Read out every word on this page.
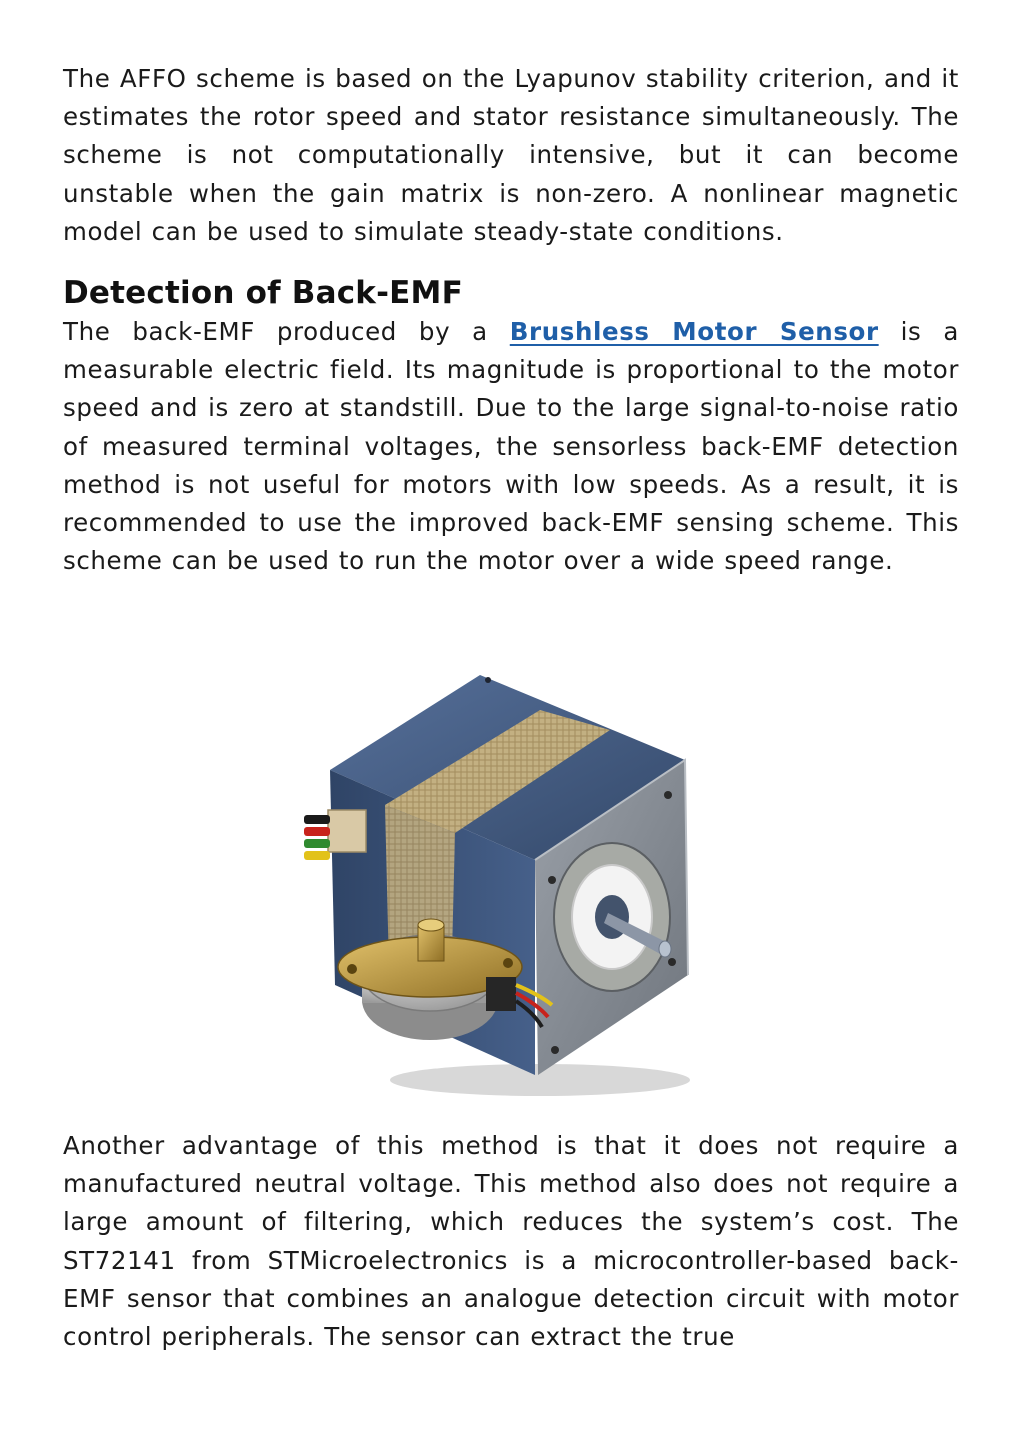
The AFFO scheme is based on the Lyapunov stability criterion, and it estimates the rotor speed and stator resistance simultaneously. The scheme is not computationally intensive, but it can become unstable when the gain matrix is non-zero. A nonlinear magnetic model can be used to simulate steady-state conditions.

Detection of Back-EMF

The back-EMF produced by a Brushless Motor Sensor is a measurable electric field. Its magnitude is proportional to the motor speed and is zero at standstill. Due to the large signal-to-noise ratio of measured terminal voltages, the sensorless back-EMF detection method is not useful for motors with low speeds. As a result, it is recommended to use the improved back-EMF sensing scheme. This scheme can be used to run the motor over a wide speed range.

Another advantage of this method is that it does not require a manufactured neutral voltage. This method also does not require a large amount of filtering, which reduces the system’s cost. The ST72141 from STMicroelectronics is a microcontroller-based back-EMF sensor that combines an analogue detection circuit with motor control peripherals. The sensor can extract the true
